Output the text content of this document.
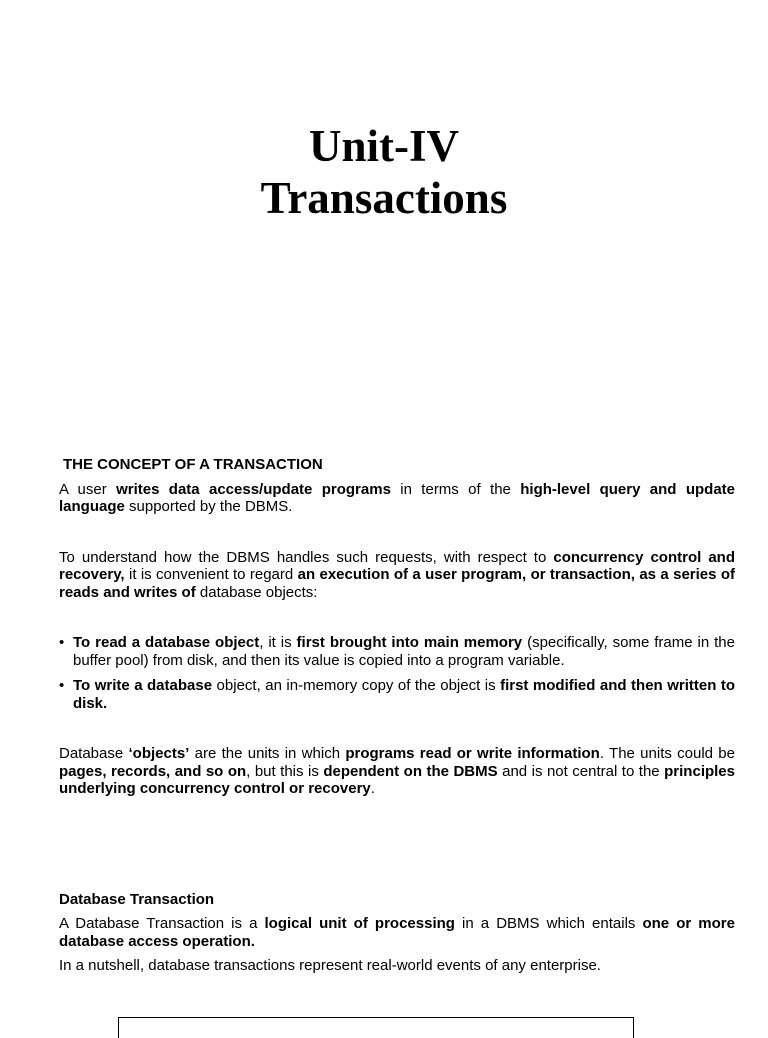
Unit-IV
Transactions

THE CONCEPT OF A TRANSACTION

A user writes data access/update programs in terms of the high-level query and update language supported by the DBMS.

To understand how the DBMS handles such requests, with respect to concurrency control and recovery, it is convenient to regard an execution of a user program, or transaction, as a series of reads and writes of database objects:

• To read a database object, it is first brought into main memory (specifically, some frame in the buffer pool) from disk, and then its value is copied into a program variable.
• To write a database object, an in-memory copy of the object is first modified and then written to disk.

Database ‘objects’ are the units in which programs read or write information. The units could be pages, records, and so on, but this is dependent on the DBMS and is not central to the principles underlying concurrency control or recovery.

Database Transaction

A Database Transaction is a logical unit of processing in a DBMS which entails one or more database access operation.

In a nutshell, database transactions represent real-world events of any enterprise.
